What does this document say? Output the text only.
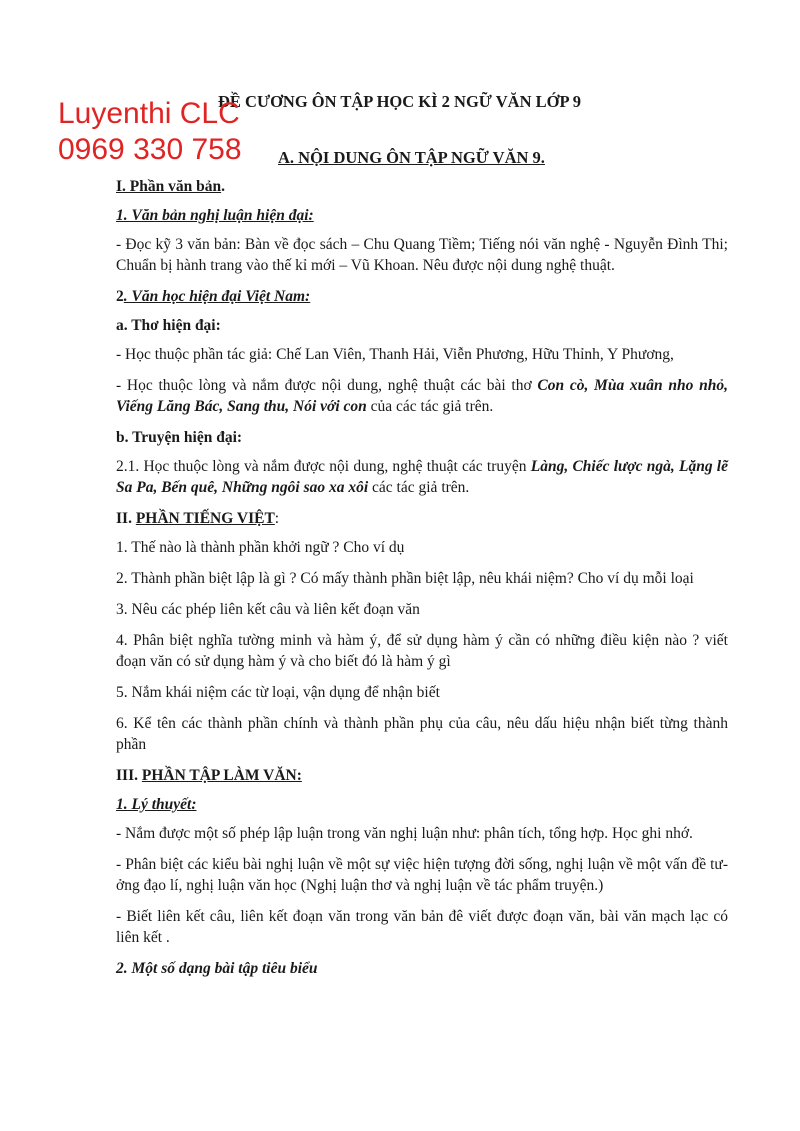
ĐỀ CƯƠNG ÔN TẬP HỌC KÌ 2 NGỮ VĂN LỚP 9
Luyenthi CLC
0969 330 758 A. NỘI DUNG ÔN TẬP NGỮ VĂN 9.

I. Phần văn bản.

1. Văn bản nghị luận hiện đại:

- Đọc kỹ 3 văn bản: Bàn về đọc sách – Chu Quang Tiềm; Tiếng nói văn nghệ - Nguyễn Đình Thi; Chuẩn bị hành trang vào thế kỉ mới – Vũ Khoan. Nêu được nội dung nghệ thuật.

2. Văn học hiện đại Việt Nam:

a. Thơ hiện đại:

- Học thuộc phần tác giả: Chế Lan Viên, Thanh Hải, Viễn Phương, Hữu Thỉnh, Y Phương,

- Học thuộc lòng và nắm được nội dung, nghệ thuật các bài thơ Con cò, Mùa xuân nho nhỏ, Viếng Lăng Bác, Sang thu, Nói với con của các tác giả trên.

b. Truyện hiện đại:

2.1. Học thuộc lòng và nắm được nội dung, nghệ thuật các truyện Làng, Chiếc lược ngà, Lặng lẽ Sa Pa, Bến quê, Những ngôi sao xa xôi các tác giả trên.

II. PHẦN TIẾNG VIỆT:

1. Thế nào là thành phần khởi ngữ ? Cho ví dụ

2. Thành phần biệt lập là gì ? Có mấy thành phần biệt lập, nêu khái niệm? Cho ví dụ mỗi loại

3. Nêu các phép liên kết câu và liên kết đoạn văn

4. Phân biệt nghĩa tường minh và hàm ý, để sử dụng hàm ý cần có những điều kiện nào ? viết đoạn văn có sử dụng hàm ý và cho biết đó là hàm ý gì

5. Nắm khái niệm các từ loại, vận dụng để nhận biết

6. Kể tên các thành phần chính và thành phần phụ của câu, nêu dấu hiệu nhận biết từng thành phần

III. PHẦN TẬP LÀM VĂN:

1. Lý thuyết:

- Nắm được một số phép lập luận trong văn nghị luận như: phân tích, tổng hợp. Học ghi nhớ.

- Phân biệt các kiểu bài nghị luận về một sự việc hiện tượng đời sống, nghị luận về một vấn đề tưởng đạo lí, nghị luận văn học (Nghị luận thơ và nghị luận về tác phẩm truyện.)

- Biết liên kết câu, liên kết đoạn văn trong văn bản đê viết được đoạn văn, bài văn mạch lạc có liên kết .

2. Một số dạng bài tập tiêu biểu
